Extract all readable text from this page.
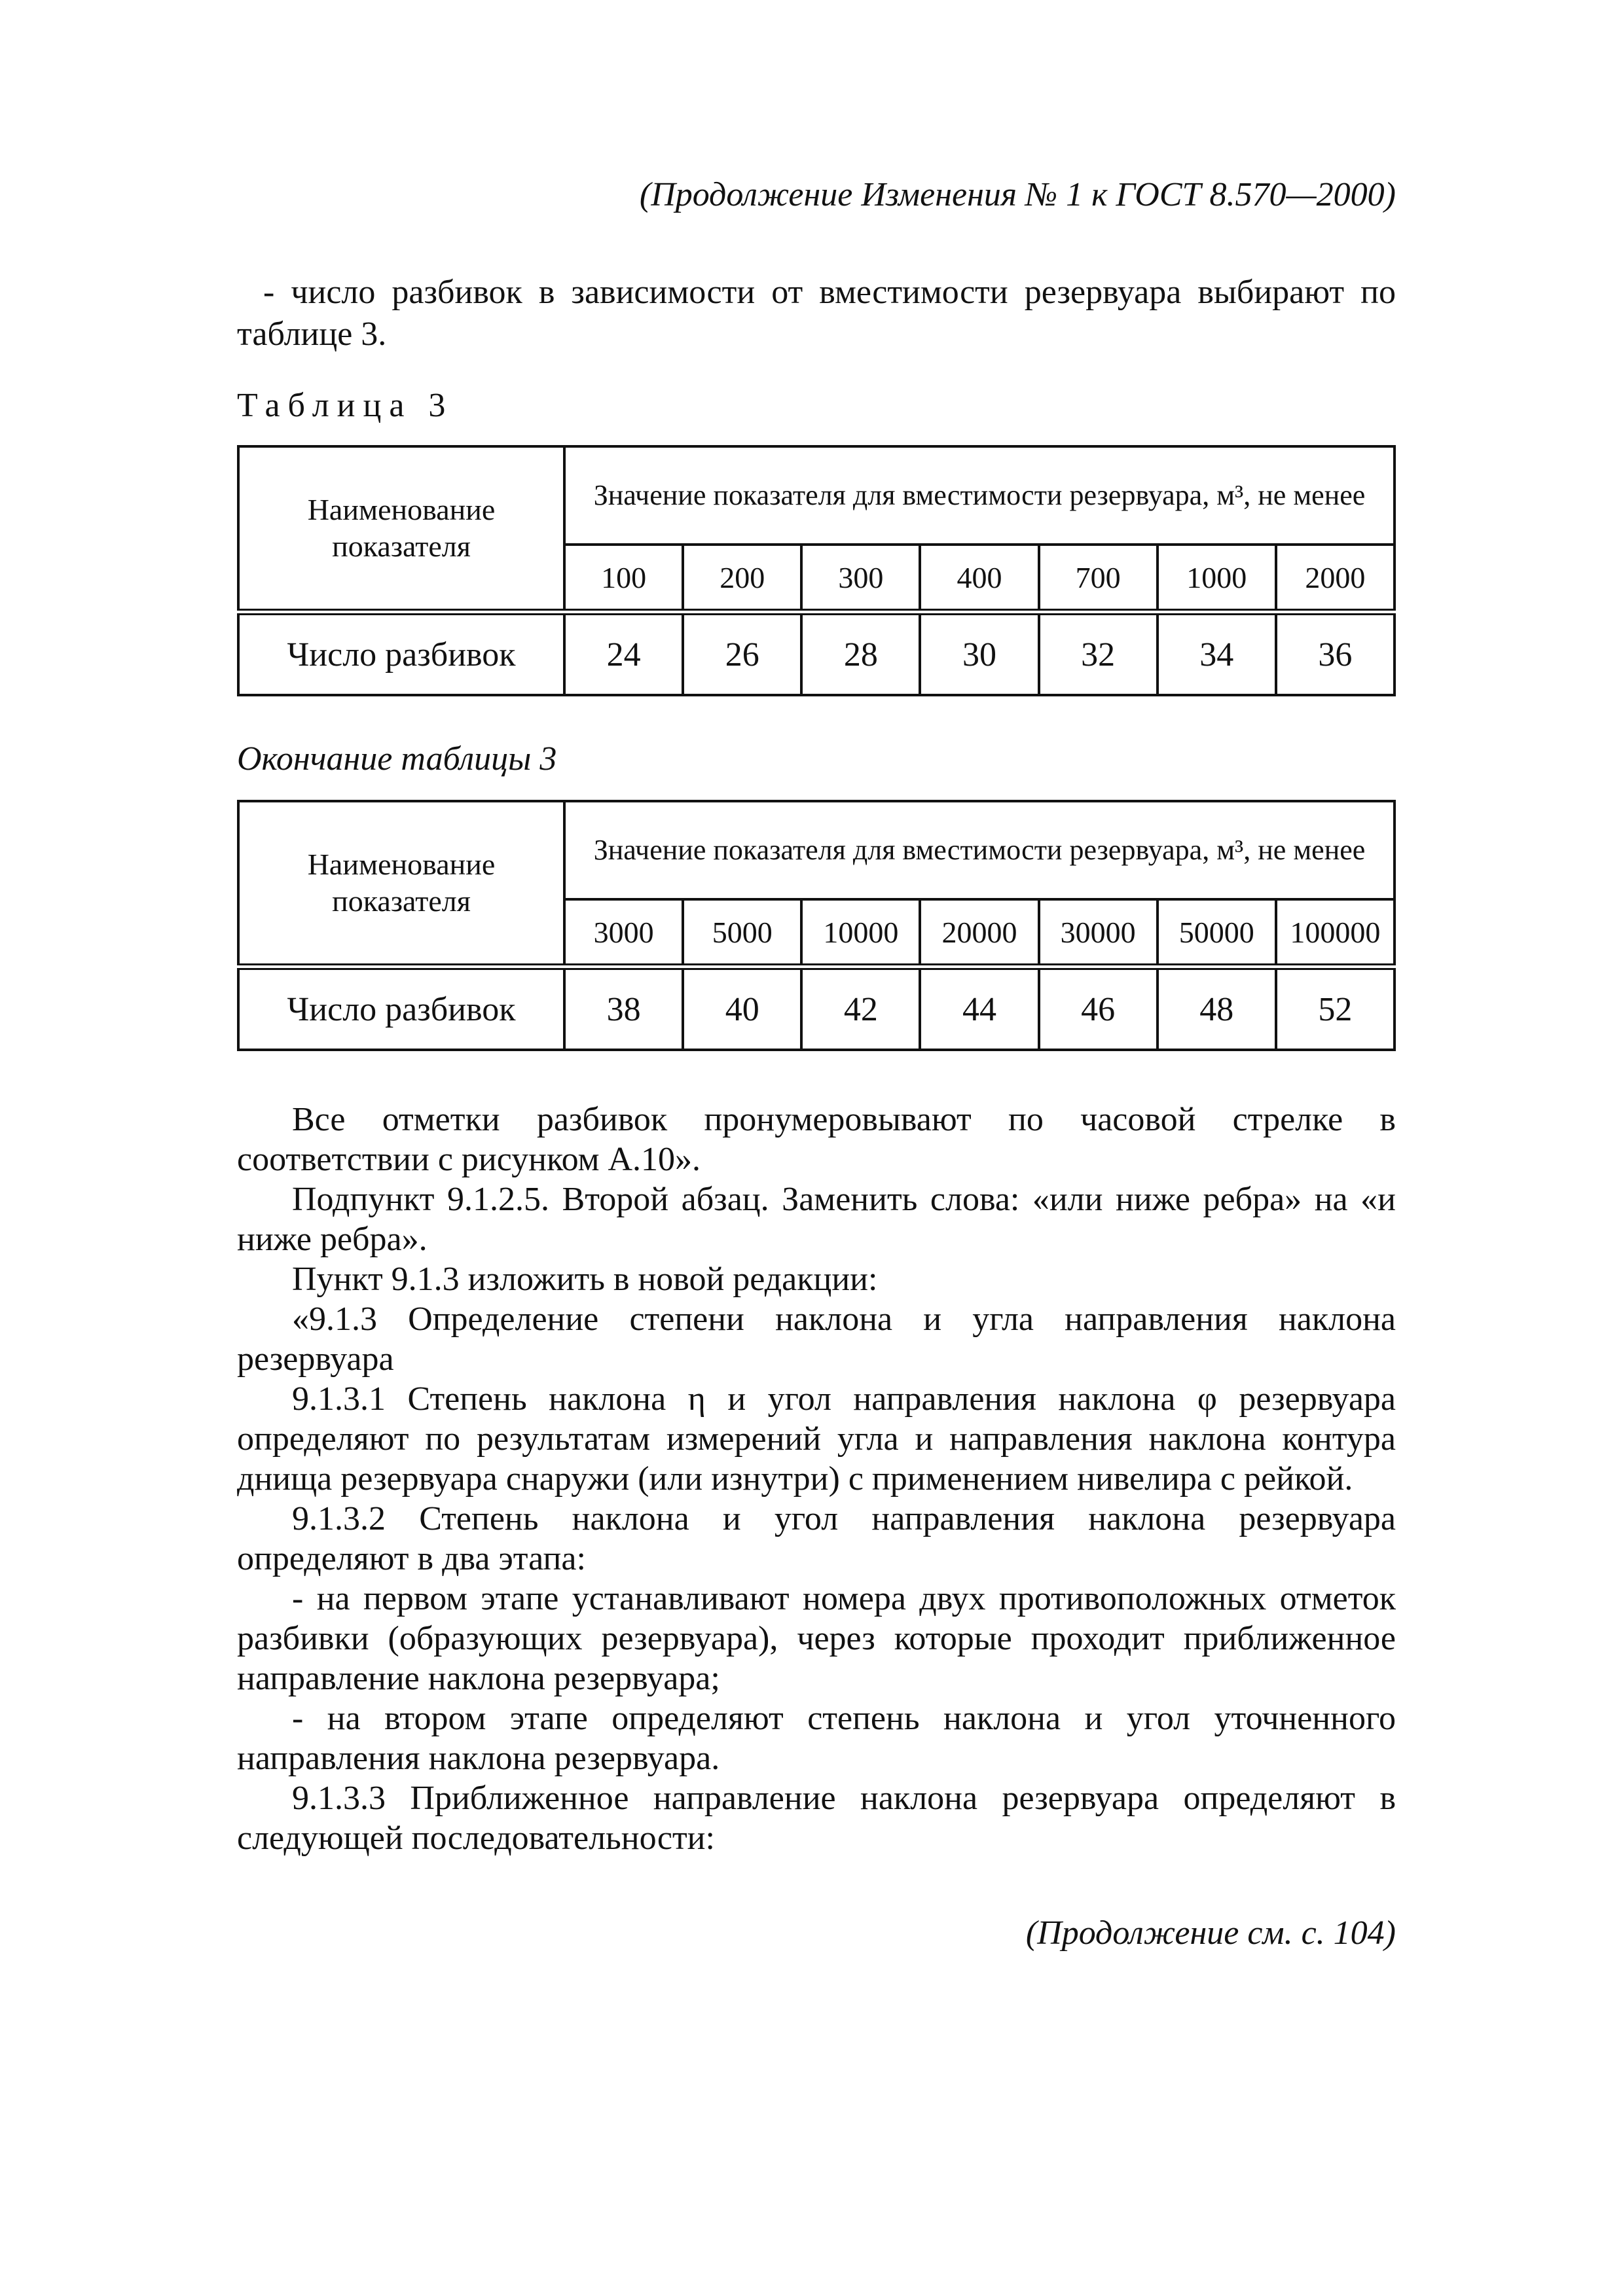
(Продолжение Изменения № 1 к ГОСТ 8.570—2000)

- число разбивок в зависимости от вместимости резервуара выбирают по таблице 3.

Таблица 3
Наименование показателя	Значение показателя для вместимости резервуара, м³, не менее						
	100	200	300	400	700	1000	2000
Число разбивок	24	26	28	30	32	34	36
Окончание таблицы 3
Наименование показателя	Значение показателя для вместимости резервуара, м³, не менее						
	3000	5000	10000	20000	30000	50000	100000
Число разбивок	38	40	42	44	46	48	52

Все отметки разбивок пронумеровывают по часовой стрелке в соответствии с рисунком А.10».

Подпункт 9.1.2.5. Второй абзац. Заменить слова: «или ниже ребра» на «и ниже ребра».

Пункт 9.1.3 изложить в новой редакции:

«9.1.3 Определение степени наклона и угла направления наклона резервуара

9.1.3.1 Степень наклона η и угол направления наклона φ резервуара определяют по результатам измерений угла и направления наклона контура днища резервуара снаружи (или изнутри) с применением нивелира с рейкой.

9.1.3.2 Степень наклона и угол направления наклона резервуара определяют в два этапа:

- на первом этапе устанавливают номера двух противоположных отметок разбивки (образующих резервуара), через которые проходит приближенное направление наклона резервуара;

- на втором этапе определяют степень наклона и угол уточненного направления наклона резервуара.

9.1.3.3 Приближенное направление наклона резервуара определяют в следующей последовательности:

(Продолжение см. с. 104)
